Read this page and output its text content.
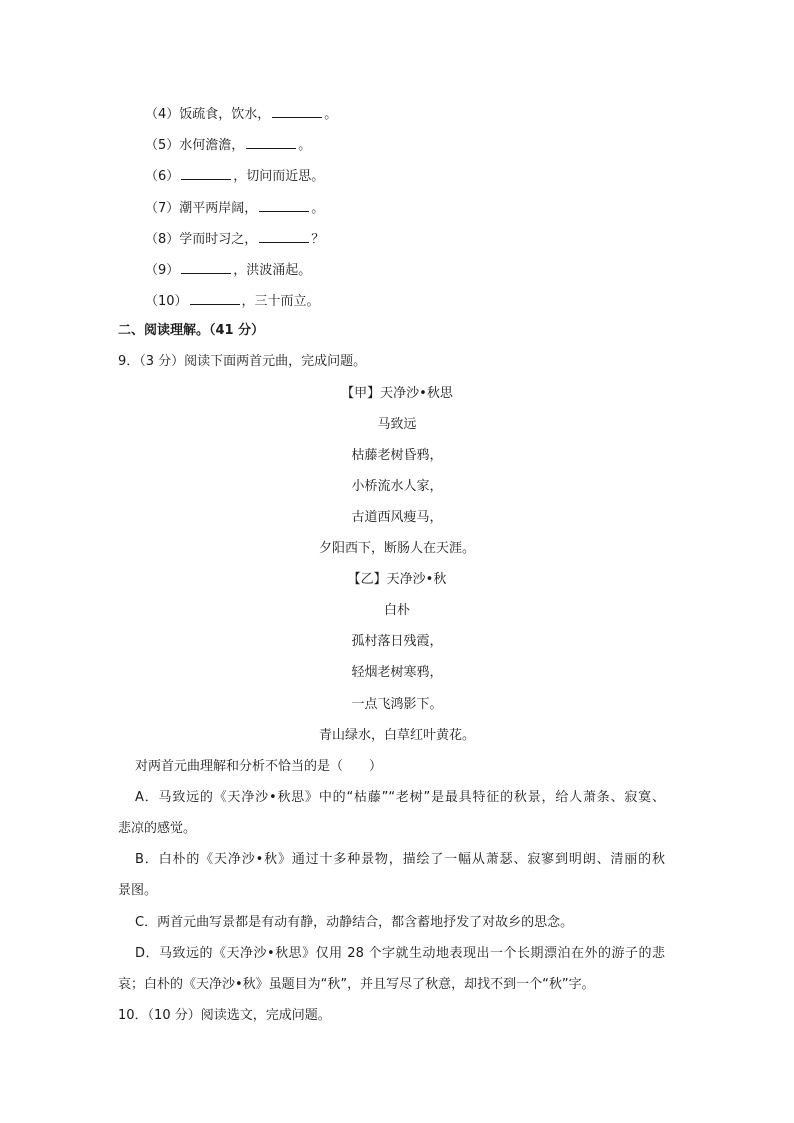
（4）饭疏食，饮水，	。
（5）水何澹澹，	。
（6）	，切问而近思。
（7）潮平两岸阔，	。
（8）学而时习之，	？
（9）	，洪波涌起。
（10）	，三十而立。
二、阅读理解。（41 分）
9．（3 分）阅读下面两首元曲，完成问题。
【甲】天净沙•秋思
马致远
枯藤老树昏鸦，
小桥流水人家，
古道西风瘦马，
夕阳西下，断肠人在天涯。
【乙】天净沙•秋
白朴
孤村落日残霞，
轻烟老树寒鸦，
一点飞鸿影下。
青山绿水，白草红叶黄花。
对两首元曲理解和分析不恰当的是（　　）
A．马致远的《天净沙•秋思》中的“枯藤”“老树”是最具特征的秋景，给人萧条、寂寞、
悲凉的感觉。
B．白朴的《天净沙•秋》通过十多种景物，描绘了一幅从萧瑟、寂寥到明朗、清丽的秋
景图。
C．两首元曲写景都是有动有静，动静结合，都含蓄地抒发了对故乡的思念。
D．马致远的《天净沙•秋思》仅用 28 个字就生动地表现出一个长期漂泊在外的游子的悲
哀；白朴的《天净沙•秋》虽题目为“秋”，并且写尽了秋意，却找不到一个“秋”字。
10．（10 分）阅读选文，完成问题。
